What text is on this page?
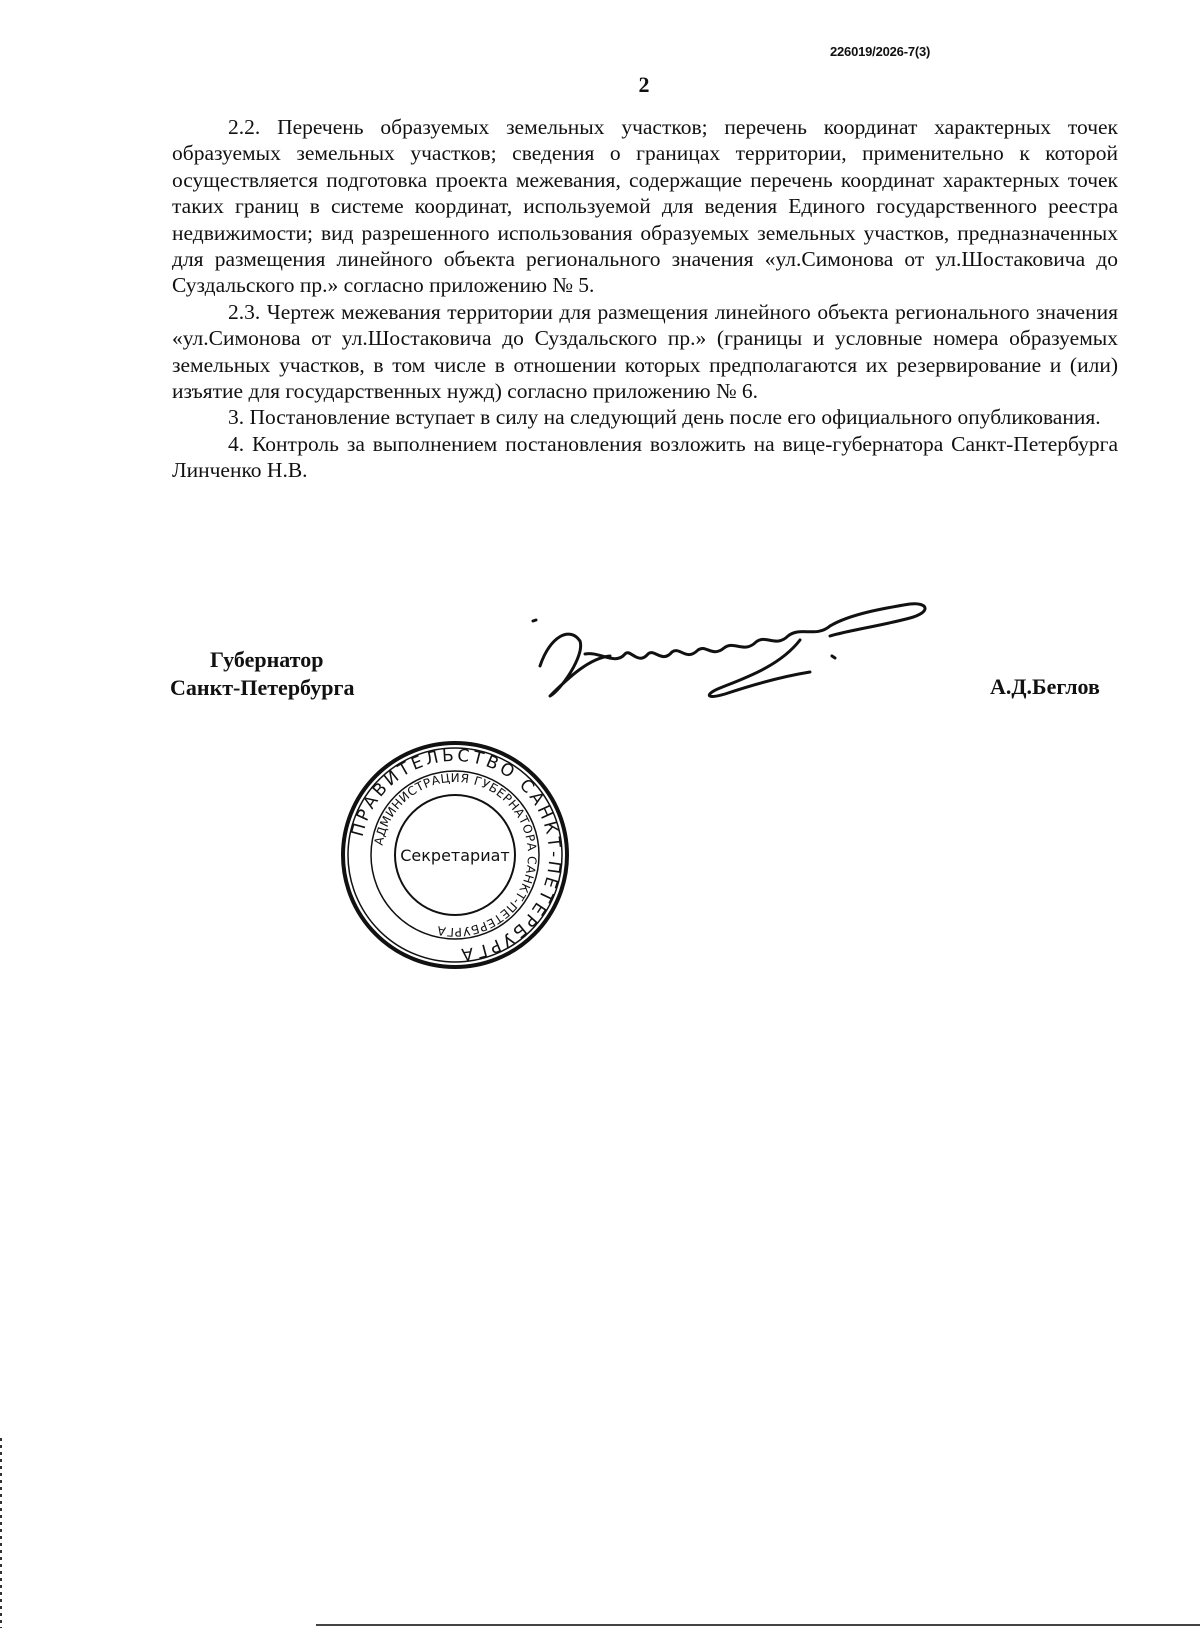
226019/2026-7(3)
2

2.2. Перечень образуемых земельных участков; перечень координат характерных точек образуемых земельных участков; сведения о границах территории, применительно к которой осуществляется подготовка проекта межевания, содержащие перечень координат характерных точек таких границ в системе координат, используемой для ведения Единого государственного реестра недвижимости; вид разрешенного использования образуемых земельных участков, предназначенных для размещения линейного объекта регионального значения «ул.Симонова от ул.Шостаковича до Суздальского пр.» согласно приложению № 5.

2.3. Чертеж межевания территории для размещения линейного объекта регионального значения «ул.Симонова от ул.Шостаковича до Суздальского пр.» (границы и условные номера образуемых земельных участков, в том числе в отношении которых предполагаются их резервирование и (или) изъятие для государственных нужд) согласно приложению № 6.

3. Постановление вступает в силу на следующий день после его официального опубликования.

4. Контроль за выполнением постановления возложить на вице-губернатора Санкт-Петербурга Линченко Н.В.

Губернатор
Санкт-Петербурга	А.Д.Беглов
ПРАВИТЕЛЬСТВО САНКТ-ПЕТЕРБУРГА
АДМИНИСТРАЦИЯ ГУБЕРНАТОРА САНКТ-ПЕТЕРБУРГА
Секретариат
